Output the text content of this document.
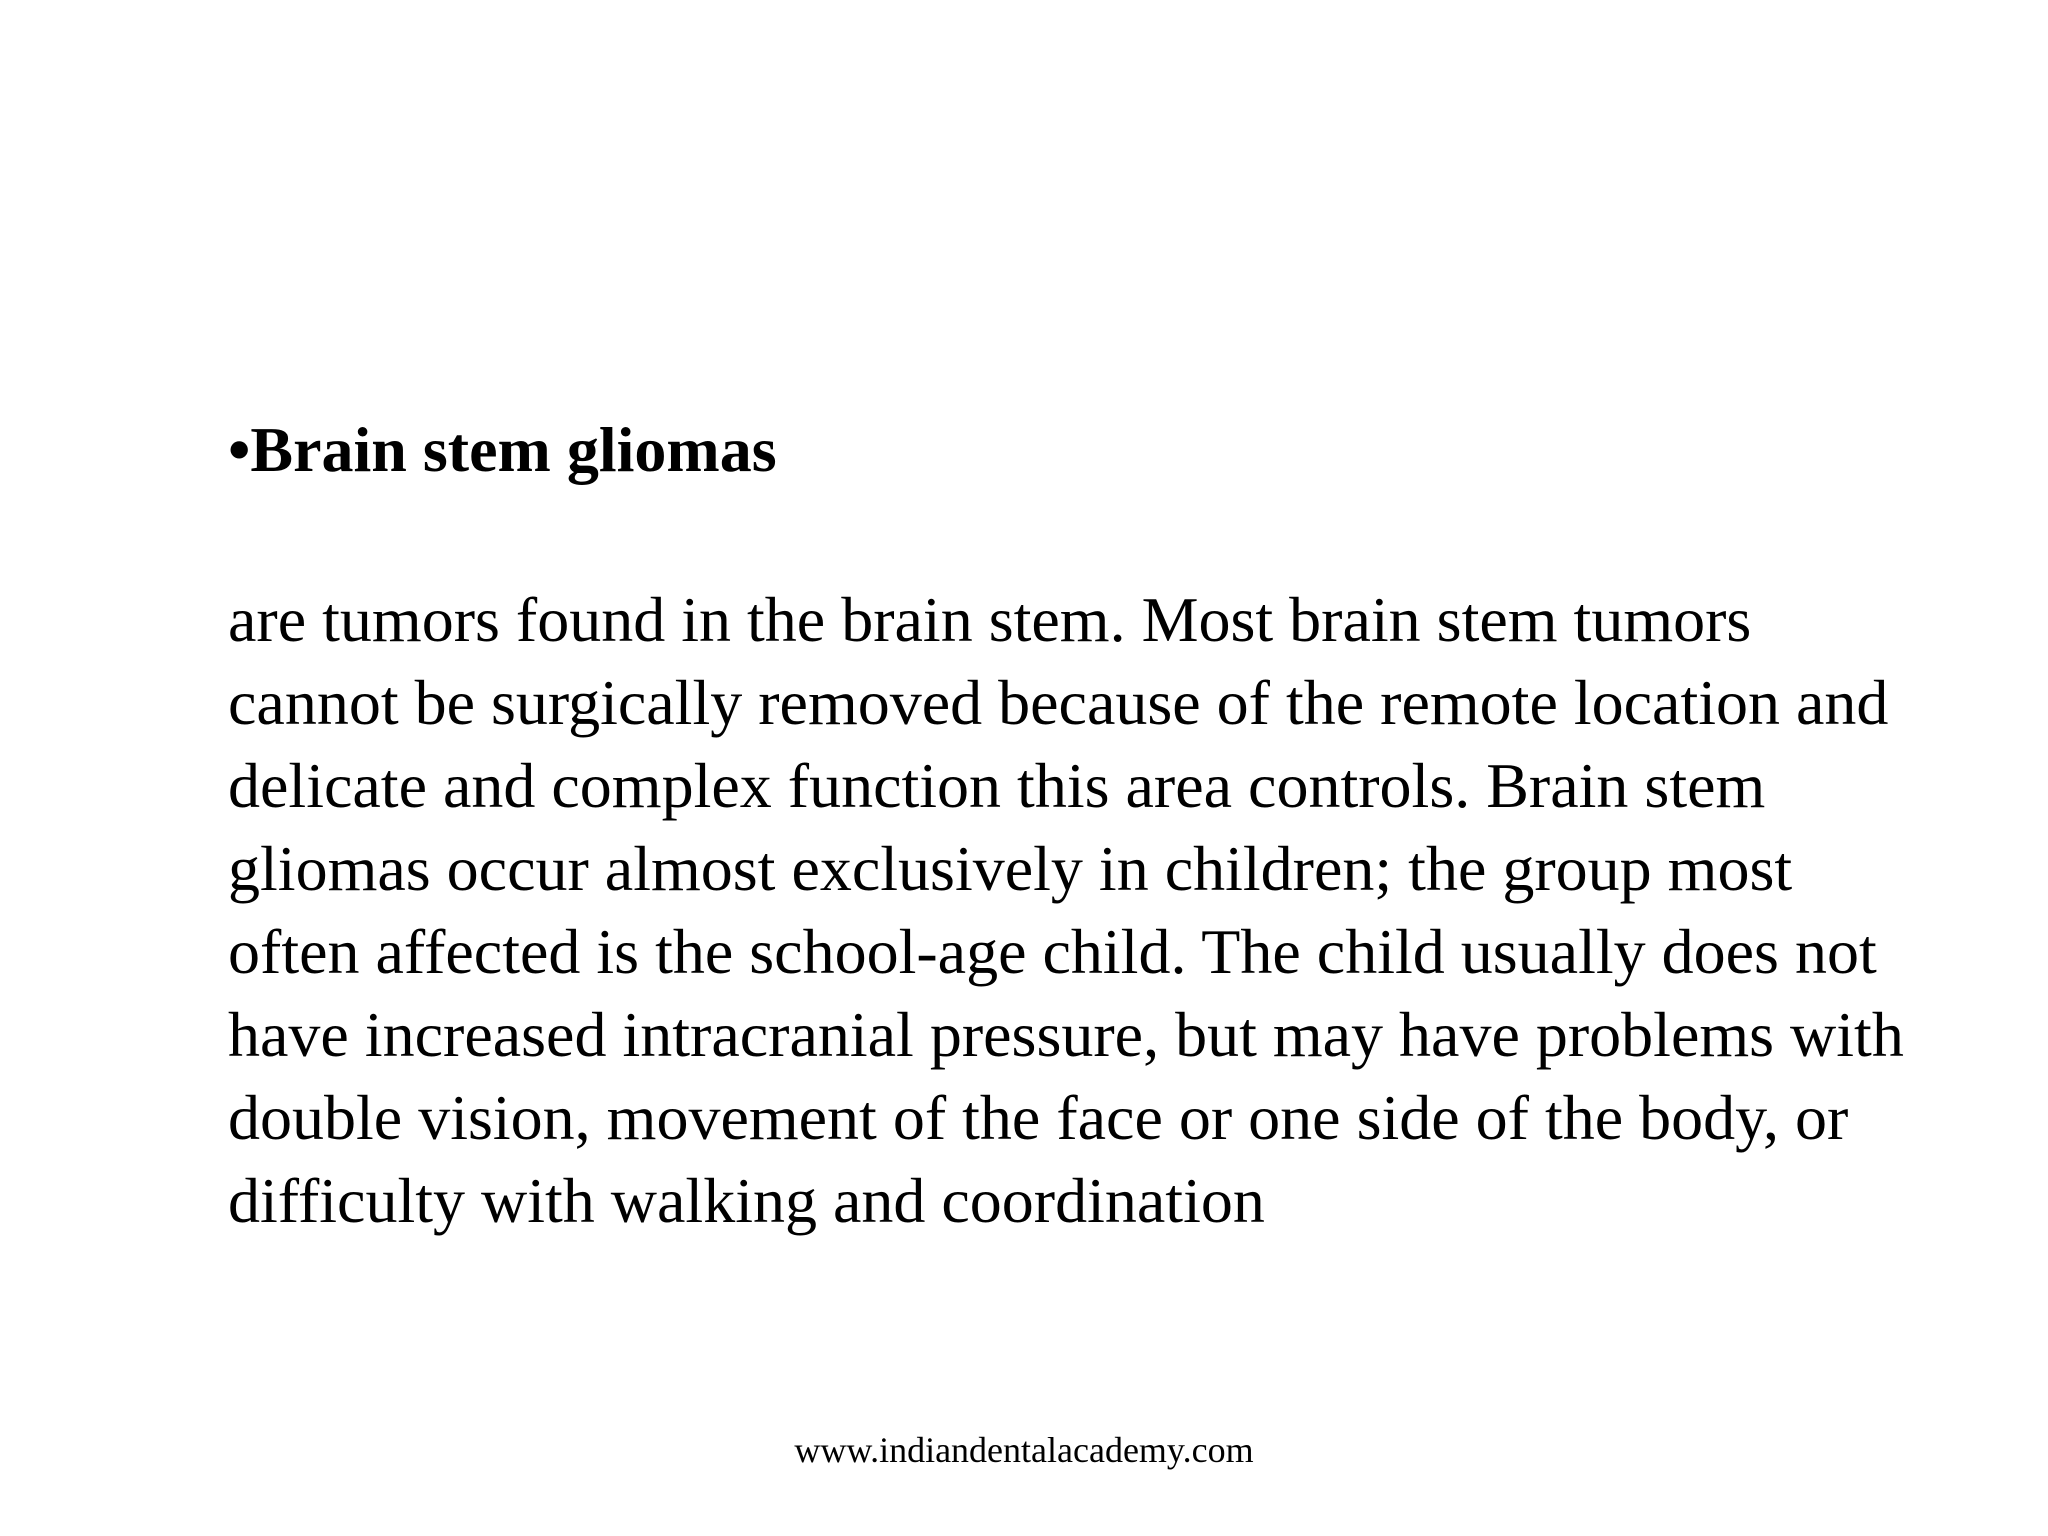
•Brain stem gliomas

are tumors found in the brain stem. Most brain stem tumors
cannot be surgically removed because of the remote location and
delicate and complex function this area controls. Brain stem
gliomas occur almost exclusively in children; the group most
often affected is the school-age child. The child usually does not
have increased intracranial pressure, but may have problems with
double vision, movement of the face or one side of the body, or
difficulty with walking and coordination

www.indiandentalacademy.com
